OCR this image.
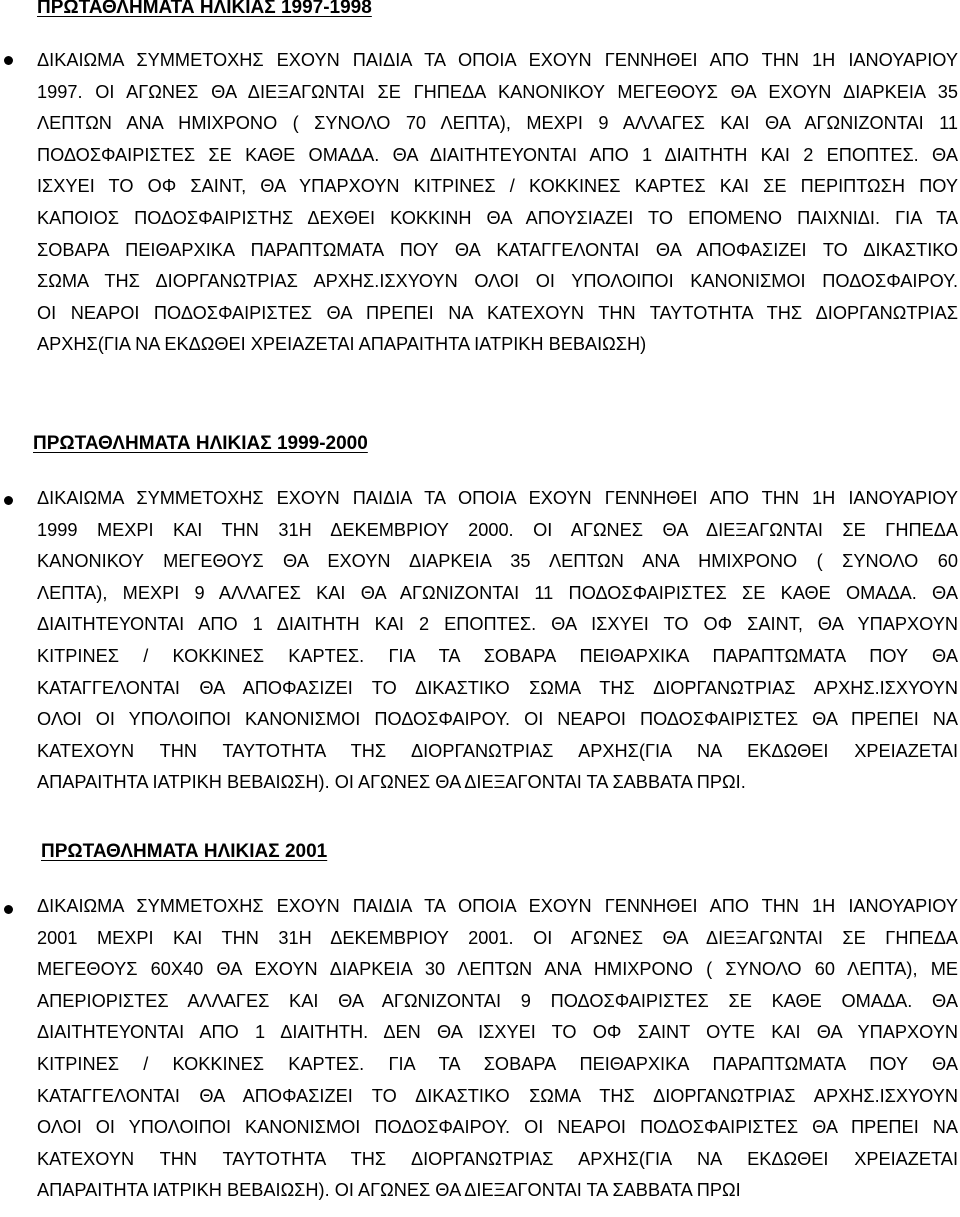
ΠΡΩΤΑΘΛΗΜΑΤΑ ΗΛΙΚΙΑΣ 1997-1998
ΔΙΚΑΙΩΜΑ ΣΥΜΜΕΤΟΧΗΣ ΕΧΟΥΝ ΠΑΙΔΙΑ ΤΑ ΟΠΟΙΑ ΕΧΟΥΝ ΓΕΝΝΗΘΕΙ ΑΠΟ ΤΗΝ 1Η ΙΑΝΟΥΑΡΙΟΥ
1997. ΟΙ ΑΓΩΝΕΣ ΘΑ ΔΙΕΞΑΓΩΝΤΑΙ ΣΕ ΓΗΠΕΔΑ ΚΑΝΟΝΙΚΟΥ ΜΕΓΕΘΟΥΣ ΘΑ ΕΧΟΥΝ ΔΙΑΡΚΕΙΑ 35
ΛΕΠΤΩΝ ΑΝΑ ΗΜΙΧΡΟΝΟ ( ΣΥΝΟΛΟ 70 ΛΕΠΤΑ), ΜΕΧΡΙ 9 ΑΛΛΑΓΕΣ ΚΑΙ ΘΑ ΑΓΩΝΙΖΟΝΤΑΙ 11
ΠΟΔΟΣΦΑΙΡΙΣΤΕΣ ΣΕ ΚΑΘΕ ΟΜΑΔΑ. ΘΑ ΔΙΑΙΤΗΤΕΥΟΝΤΑΙ ΑΠΟ 1 ΔΙΑΙΤΗΤΗ ΚΑΙ 2 ΕΠΟΠΤΕΣ. ΘΑ
ΙΣΧΥΕΙ ΤΟ ΟΦ ΣΑΙΝΤ, ΘΑ ΥΠΑΡΧΟΥΝ ΚΙΤΡΙΝΕΣ / ΚΟΚΚΙΝΕΣ ΚΑΡΤΕΣ ΚΑΙ ΣΕ ΠΕΡΙΠΤΩΣΗ ΠΟΥ
ΚΑΠΟΙΟΣ ΠΟΔΟΣΦΑΙΡΙΣΤΗΣ ΔΕΧΘΕΙ ΚΟΚΚΙΝΗ ΘΑ ΑΠΟΥΣΙΑΖΕΙ ΤΟ ΕΠΟΜΕΝΟ ΠΑΙΧΝΙΔΙ. ΓΙΑ ΤΑ
ΣΟΒΑΡΑ ΠΕΙΘΑΡΧΙΚΑ ΠΑΡΑΠΤΩΜΑΤΑ ΠΟΥ ΘΑ ΚΑΤΑΓΓΕΛΟΝΤΑΙ ΘΑ ΑΠΟΦΑΣΙΖΕΙ ΤΟ ΔΙΚΑΣΤΙΚΟ
ΣΩΜΑ ΤΗΣ ΔΙΟΡΓΑΝΩΤΡΙΑΣ ΑΡΧΗΣ.ΙΣΧΥΟΥΝ ΟΛΟΙ ΟΙ ΥΠΟΛΟΙΠΟΙ ΚΑΝΟΝΙΣΜΟΙ ΠΟΔΟΣΦΑΙΡΟΥ.
ΟΙ ΝΕΑΡΟΙ ΠΟΔΟΣΦΑΙΡΙΣΤΕΣ ΘΑ ΠΡΕΠΕΙ ΝΑ ΚΑΤΕΧΟΥΝ ΤΗΝ ΤΑΥΤΟΤΗΤΑ ΤΗΣ ΔΙΟΡΓΑΝΩΤΡΙΑΣ
ΑΡΧΗΣ(ΓΙΑ ΝΑ ΕΚΔΩΘΕΙ ΧΡΕΙΑΖΕΤΑΙ ΑΠΑΡΑΙΤΗΤΑ ΙΑΤΡΙΚΗ ΒΕΒΑΙΩΣΗ)
ΠΡΩΤΑΘΛΗΜΑΤΑ ΗΛΙΚΙΑΣ 1999-2000
ΔΙΚΑΙΩΜΑ ΣΥΜΜΕΤΟΧΗΣ ΕΧΟΥΝ ΠΑΙΔΙΑ ΤΑ ΟΠΟΙΑ ΕΧΟΥΝ ΓΕΝΝΗΘΕΙ ΑΠΟ ΤΗΝ 1Η ΙΑΝΟΥΑΡΙΟΥ
1999 ΜΕΧΡΙ ΚΑΙ ΤΗΝ 31Η ΔΕΚΕΜΒΡΙΟΥ 2000. ΟΙ ΑΓΩΝΕΣ ΘΑ ΔΙΕΞΑΓΩΝΤΑΙ ΣΕ ΓΗΠΕΔΑ
ΚΑΝΟΝΙΚΟΥ ΜΕΓΕΘΟΥΣ ΘΑ ΕΧΟΥΝ ΔΙΑΡΚΕΙΑ 35 ΛΕΠΤΩΝ ΑΝΑ ΗΜΙΧΡΟΝΟ ( ΣΥΝΟΛΟ 60
ΛΕΠΤΑ), ΜΕΧΡΙ 9 ΑΛΛΑΓΕΣ ΚΑΙ ΘΑ ΑΓΩΝΙΖΟΝΤΑΙ 11 ΠΟΔΟΣΦΑΙΡΙΣΤΕΣ ΣΕ ΚΑΘΕ ΟΜΑΔΑ. ΘΑ
ΔΙΑΙΤΗΤΕΥΟΝΤΑΙ ΑΠΟ 1 ΔΙΑΙΤΗΤΗ ΚΑΙ 2 ΕΠΟΠΤΕΣ. ΘΑ ΙΣΧΥΕΙ ΤΟ ΟΦ ΣΑΙΝΤ, ΘΑ ΥΠΑΡΧΟΥΝ
ΚΙΤΡΙΝΕΣ / ΚΟΚΚΙΝΕΣ ΚΑΡΤΕΣ. ΓΙΑ ΤΑ ΣΟΒΑΡΑ ΠΕΙΘΑΡΧΙΚΑ ΠΑΡΑΠΤΩΜΑΤΑ ΠΟΥ ΘΑ
ΚΑΤΑΓΓΕΛΟΝΤΑΙ ΘΑ ΑΠΟΦΑΣΙΖΕΙ ΤΟ ΔΙΚΑΣΤΙΚΟ ΣΩΜΑ ΤΗΣ ΔΙΟΡΓΑΝΩΤΡΙΑΣ ΑΡΧΗΣ.ΙΣΧΥΟΥΝ
ΟΛΟΙ ΟΙ ΥΠΟΛΟΙΠΟΙ ΚΑΝΟΝΙΣΜΟΙ ΠΟΔΟΣΦΑΙΡΟΥ. ΟΙ ΝΕΑΡΟΙ ΠΟΔΟΣΦΑΙΡΙΣΤΕΣ ΘΑ ΠΡΕΠΕΙ ΝΑ
ΚΑΤΕΧΟΥΝ ΤΗΝ ΤΑΥΤΟΤΗΤΑ ΤΗΣ ΔΙΟΡΓΑΝΩΤΡΙΑΣ ΑΡΧΗΣ(ΓΙΑ ΝΑ ΕΚΔΩΘΕΙ ΧΡΕΙΑΖΕΤΑΙ
ΑΠΑΡΑΙΤΗΤΑ ΙΑΤΡΙΚΗ ΒΕΒΑΙΩΣΗ). ΟΙ ΑΓΩΝΕΣ ΘΑ ΔΙΕΞΑΓΟΝΤΑΙ ΤΑ ΣΑΒΒΑΤΑ ΠΡΩΙ.
ΠΡΩΤΑΘΛΗΜΑΤΑ ΗΛΙΚΙΑΣ 2001
ΔΙΚΑΙΩΜΑ ΣΥΜΜΕΤΟΧΗΣ ΕΧΟΥΝ ΠΑΙΔΙΑ ΤΑ ΟΠΟΙΑ ΕΧΟΥΝ ΓΕΝΝΗΘΕΙ ΑΠΟ ΤΗΝ 1Η ΙΑΝΟΥΑΡΙΟΥ
2001 ΜΕΧΡΙ ΚΑΙ ΤΗΝ 31Η ΔΕΚΕΜΒΡΙΟΥ 2001. ΟΙ ΑΓΩΝΕΣ ΘΑ ΔΙΕΞΑΓΩΝΤΑΙ ΣΕ ΓΗΠΕΔΑ
ΜΕΓΕΘΟΥΣ 60Χ40 ΘΑ ΕΧΟΥΝ ΔΙΑΡΚΕΙΑ 30 ΛΕΠΤΩΝ ΑΝΑ ΗΜΙΧΡΟΝΟ ( ΣΥΝΟΛΟ 60 ΛΕΠΤΑ), ΜΕ
ΑΠΕΡΙΟΡΙΣΤΕΣ ΑΛΛΑΓΕΣ ΚΑΙ ΘΑ ΑΓΩΝΙΖΟΝΤΑΙ 9 ΠΟΔΟΣΦΑΙΡΙΣΤΕΣ ΣΕ ΚΑΘΕ ΟΜΑΔΑ. ΘΑ
ΔΙΑΙΤΗΤΕΥΟΝΤΑΙ ΑΠΟ 1 ΔΙΑΙΤΗΤΗ. ΔΕΝ ΘΑ ΙΣΧΥΕΙ ΤΟ ΟΦ ΣΑΙΝΤ ΟΥΤΕ ΚΑΙ ΘΑ ΥΠΑΡΧΟΥΝ
ΚΙΤΡΙΝΕΣ / ΚΟΚΚΙΝΕΣ ΚΑΡΤΕΣ. ΓΙΑ ΤΑ ΣΟΒΑΡΑ ΠΕΙΘΑΡΧΙΚΑ ΠΑΡΑΠΤΩΜΑΤΑ ΠΟΥ ΘΑ
ΚΑΤΑΓΓΕΛΟΝΤΑΙ ΘΑ ΑΠΟΦΑΣΙΖΕΙ ΤΟ ΔΙΚΑΣΤΙΚΟ ΣΩΜΑ ΤΗΣ ΔΙΟΡΓΑΝΩΤΡΙΑΣ ΑΡΧΗΣ.ΙΣΧΥΟΥΝ
ΟΛΟΙ ΟΙ ΥΠΟΛΟΙΠΟΙ ΚΑΝΟΝΙΣΜΟΙ ΠΟΔΟΣΦΑΙΡΟΥ. ΟΙ ΝΕΑΡΟΙ ΠΟΔΟΣΦΑΙΡΙΣΤΕΣ ΘΑ ΠΡΕΠΕΙ ΝΑ
ΚΑΤΕΧΟΥΝ ΤΗΝ ΤΑΥΤΟΤΗΤΑ ΤΗΣ ΔΙΟΡΓΑΝΩΤΡΙΑΣ ΑΡΧΗΣ(ΓΙΑ ΝΑ ΕΚΔΩΘΕΙ ΧΡΕΙΑΖΕΤΑΙ
ΑΠΑΡΑΙΤΗΤΑ ΙΑΤΡΙΚΗ ΒΕΒΑΙΩΣΗ). ΟΙ ΑΓΩΝΕΣ ΘΑ ΔΙΕΞΑΓΟΝΤΑΙ ΤΑ ΣΑΒΒΑΤΑ ΠΡΩΙ
